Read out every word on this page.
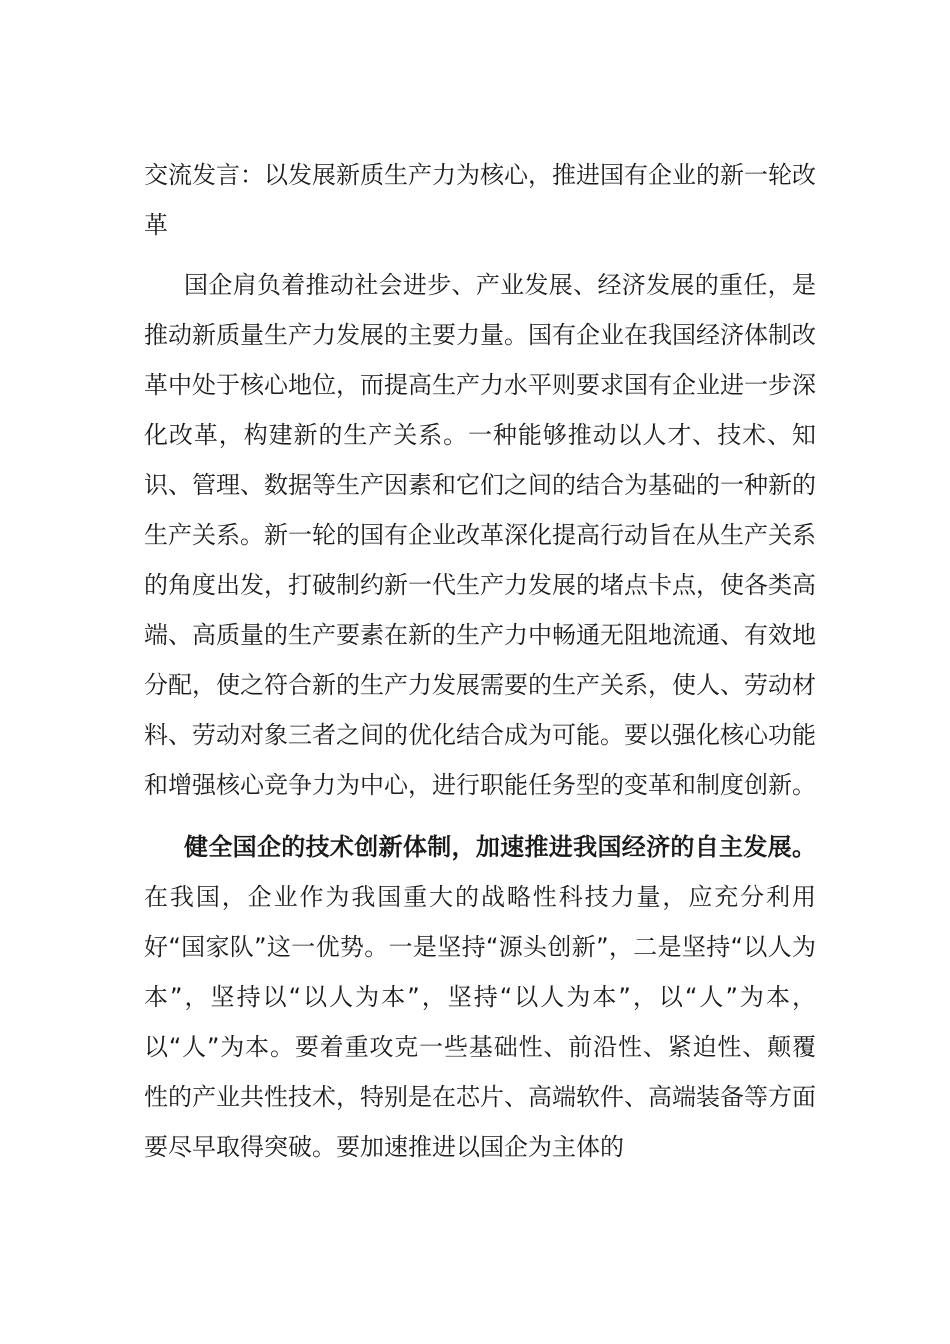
交流发言：以发展新质生产力为核心，推进国有企业的新一轮改革

国企肩负着推动社会进步、产业发展、经济发展的重任，是推动新质量生产力发展的主要力量。国有企业在我国经济体制改革中处于核心地位，而提高生产力水平则要求国有企业进一步深化改革，构建新的生产关系。一种能够推动以人才、技术、知识、管理、数据等生产因素和它们之间的结合为基础的一种新的生产关系。新一轮的国有企业改革深化提高行动旨在从生产关系的角度出发，打破制约新一代生产力发展的堵点卡点，使各类高端、高质量的生产要素在新的生产力中畅通无阻地流通、有效地分配，使之符合新的生产力发展需要的生产关系，使人、劳动材料、劳动对象三者之间的优化结合成为可能。要以强化核心功能和增强核心竞争力为中心，进行职能任务型的变革和制度创新。

健全国企的技术创新体制，加速推进我国经济的自主发展。在我国，企业作为我国重大的战略性科技力量，应充分利用好“国家队”这一优势。一是坚持“源头创新”，二是坚持“以人为本”，坚持以“以人为本”，坚持“以人为本”，以“人”为本，以“人”为本。要着重攻克一些基础性、前沿性、紧迫性、颠覆性的产业共性技术，特别是在芯片、高端软件、高端装备等方面要尽早取得突破。要加速推进以国企为主体的
